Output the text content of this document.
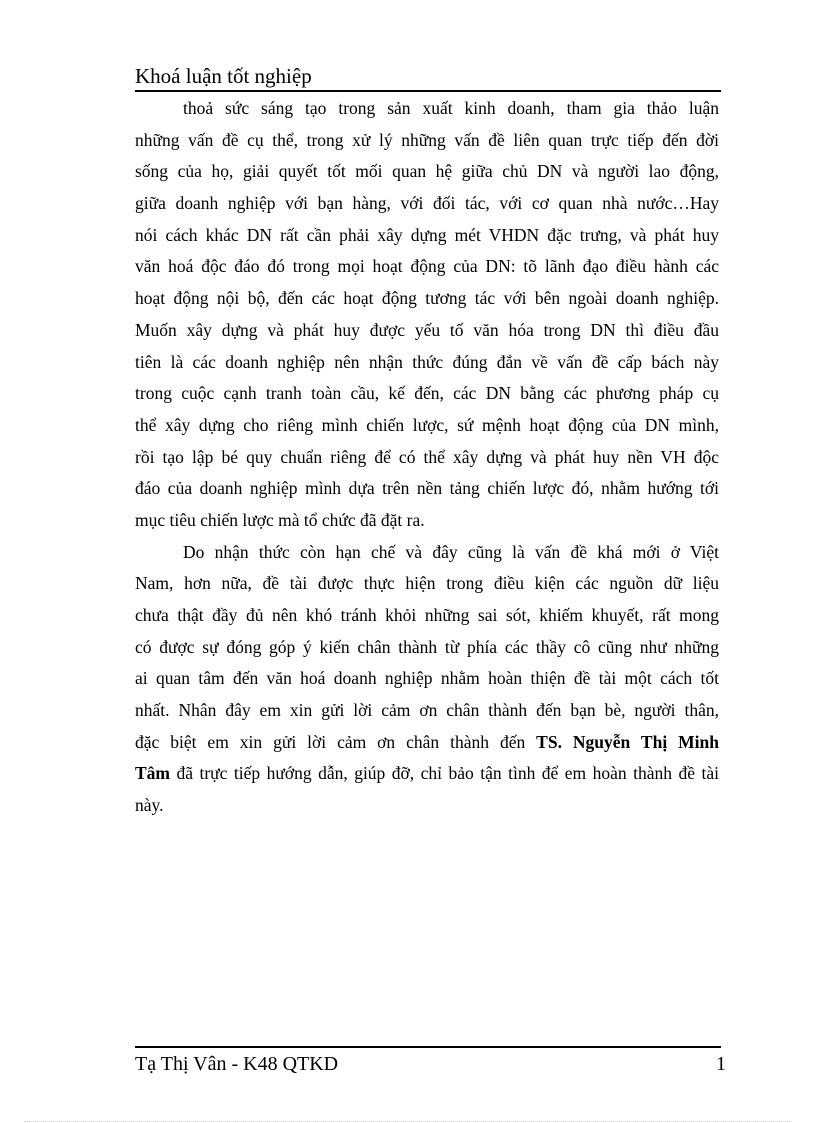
Khoá luận tốt nghiệp
thoả sức sáng tạo trong sản xuất kinh doanh, tham gia thảo luận
những vấn đề cụ thể, trong xử lý những vấn đề liên quan trực tiếp đến đời
sống của họ, giải quyết tốt mối quan hệ giữa chủ DN và người lao động,
giữa doanh nghiệp với bạn hàng, với đối tác, với cơ quan nhà nước…Hay
nói cách khác DN rất cần phải xây dựng mét VHDN đặc trưng, và phát huy
văn hoá độc đáo đó trong mọi hoạt động của DN: tõ lãnh đạo điều hành các
hoạt động nội bộ, đến các hoạt động tương tác với bên ngoài doanh nghiệp.
Muốn xây dựng và phát huy được yếu tố văn hóa trong DN thì điều đầu
tiên là các doanh nghiệp nên nhận thức đúng đắn về vấn đề cấp bách này
trong cuộc cạnh tranh toàn cầu, kế đến, các DN bằng các phương pháp cụ
thể xây dựng cho riêng mình chiến lược, sứ mệnh hoạt động của DN mình,
rồi tạo lập bé quy chuẩn riêng để có thể xây dựng và phát huy nền VH độc
đáo của doanh nghiệp mình dựa trên nền tảng chiến lược đó, nhằm hướng tới
mục tiêu chiến lược mà tổ chức đã đặt ra.
Do nhận thức còn hạn chế và đây cũng là vấn đề khá mới ở Việt
Nam, hơn nữa, đề tài được thực hiện trong điều kiện các nguồn dữ liệu
chưa thật đầy đủ nên khó tránh khỏi những sai sót, khiếm khuyết, rất mong
có được sự đóng góp ý kiến chân thành từ phía các thầy cô cũng như những
ai quan tâm đến văn hoá doanh nghiệp nhằm hoàn thiện đề tài một cách tốt
nhất. Nhân đây em xin gửi lời cảm ơn chân thành đến bạn bè, người thân,
đặc biệt em xin gửi lời cảm ơn chân thành đến TS. Nguyễn Thị Minh
Tâm đã trực tiếp hướng dẫn, giúp đỡ, chỉ bảo tận tình để em hoàn thành đề tài
này.
Tạ Thị Vân - K48 QTKD	1
